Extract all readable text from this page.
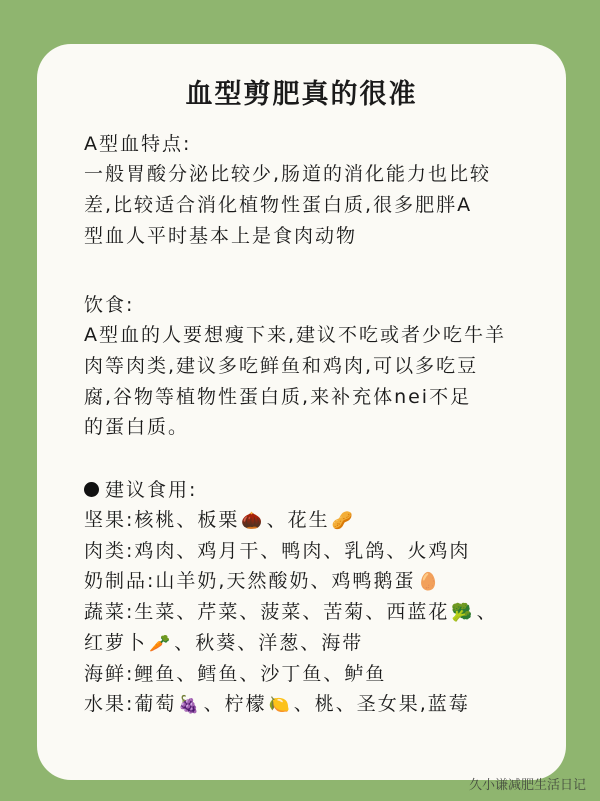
血型剪肥真的很准
A型血特点:
一般胃酸分泌比较少,肠道的消化能力也比较
差,比较适合消化植物性蛋白质,很多肥胖A
型血人平时基本上是食肉动物
饮食:
A型血的人要想瘦下来,建议不吃或者少吃牛羊
肉等肉类,建议多吃鲜鱼和鸡肉,可以多吃豆
腐,谷物等植物性蛋白质,来补充体nei不足
的蛋白质。
建议食用:
坚果:核桃、板栗 🌰 、花生 🥜
肉类:鸡肉、鸡月干、鸭肉、乳鸽、火鸡肉
奶制品:山羊奶,天然酸奶、鸡鸭鹅蛋 🥚
蔬菜:生菜、芹菜、菠菜、苦菊、西蓝花 🥦 、
红萝卜 🥕 、秋葵、洋葱、海带
海鲜:鲤鱼、鳕鱼、沙丁鱼、鲈鱼
水果:葡萄 🍇 、柠檬 🍋 、桃、圣女果,蓝莓
久小谦减肥生活日记
